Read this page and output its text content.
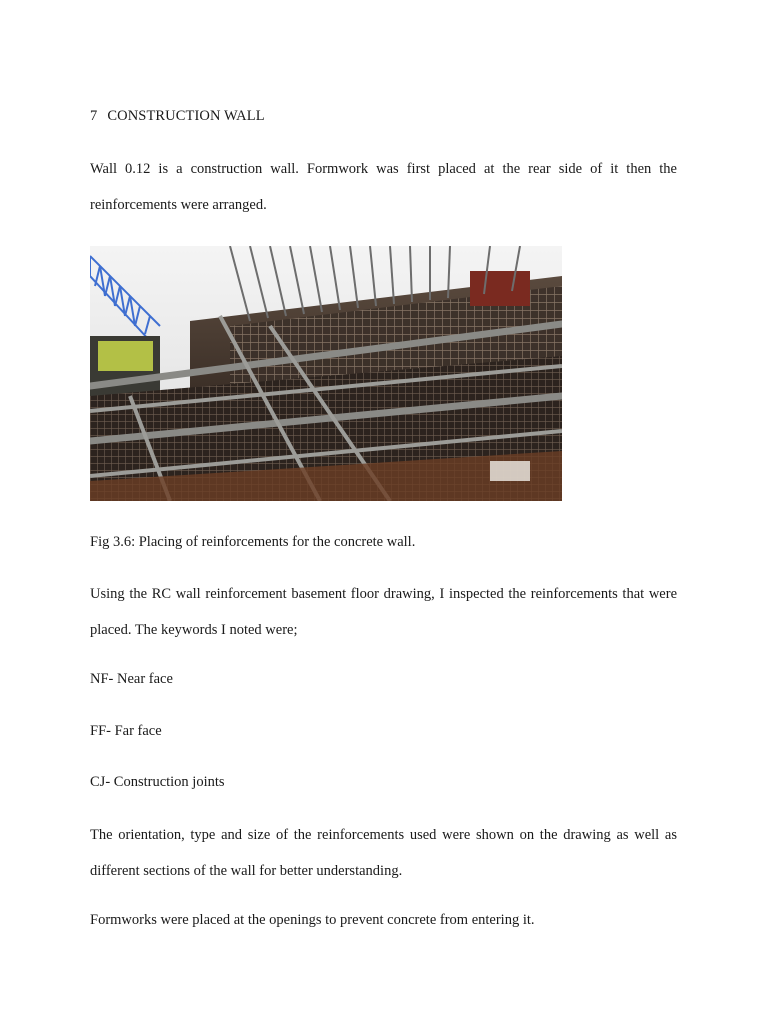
7 CONSTRUCTION WALL

Wall 0.12 is a construction wall. Formwork was first placed at the rear side of it then the reinforcements were arranged.

Fig 3.6: Placing of reinforcements for the concrete wall.

Using the RC wall reinforcement basement floor drawing, I inspected the reinforcements that were placed. The keywords I noted were;

NF- Near face

FF- Far face

CJ- Construction joints

The orientation, type and size of the reinforcements used were shown on the drawing as well as different sections of the wall for better understanding.

Formworks were placed at the openings to prevent concrete from entering it.
